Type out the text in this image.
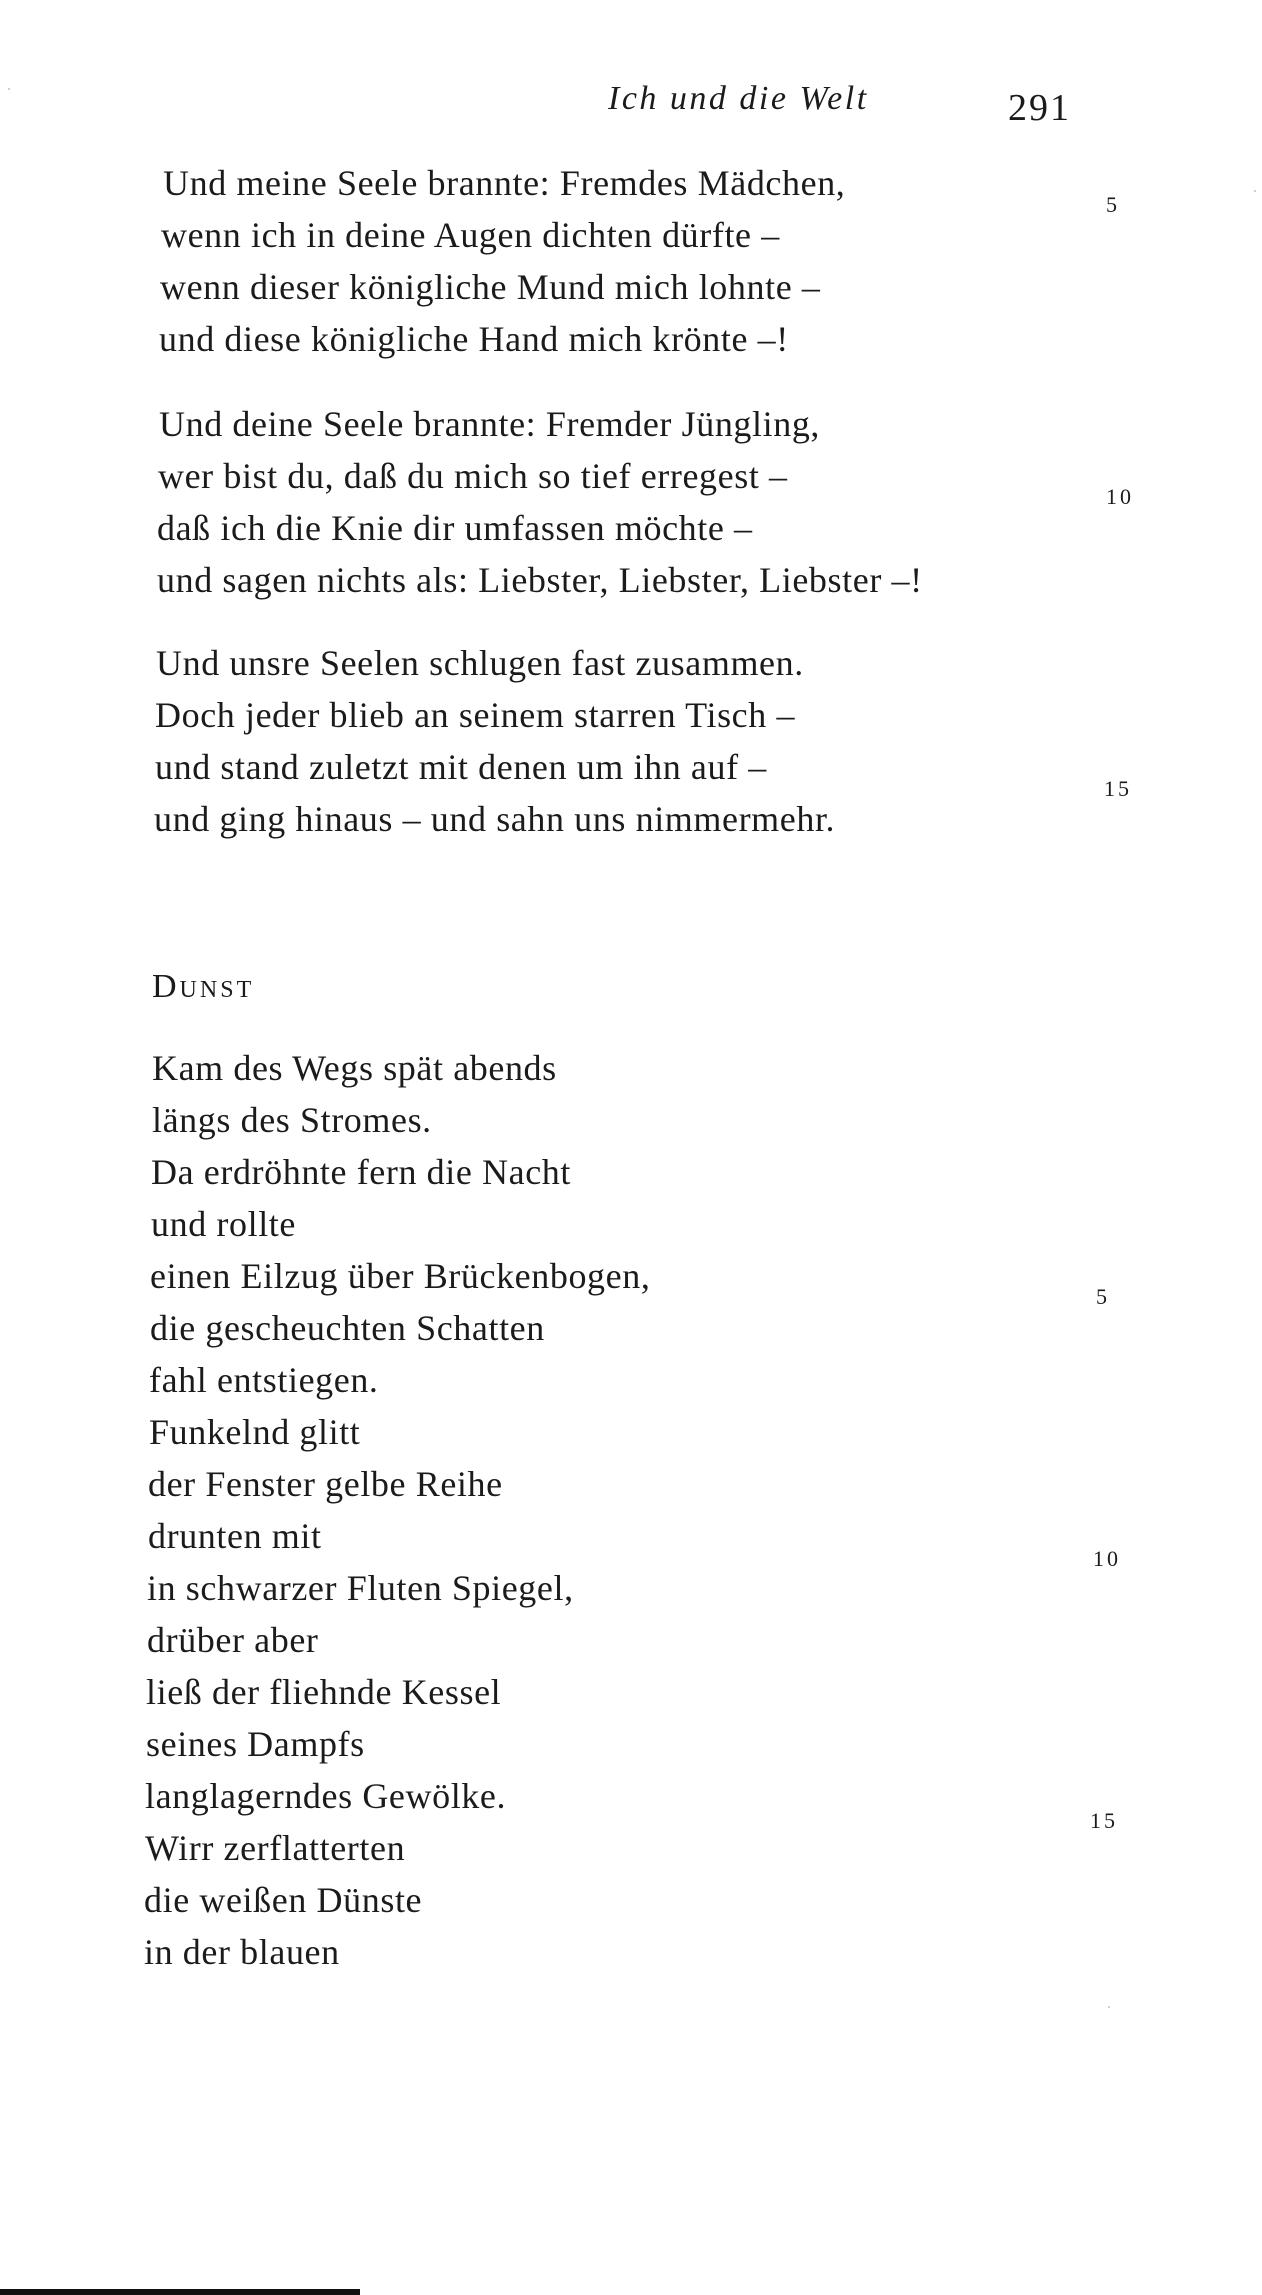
Ich und die Welt	291
Und meine Seele brannte: Fremdes Mädchen,
wenn ich in deine Augen dichten dürfte –
wenn dieser königliche Mund mich lohnte –
und diese königliche Hand mich krönte –!
Und deine Seele brannte: Fremder Jüngling,
wer bist du, daß du mich so tief erregest –
daß ich die Knie dir umfassen möchte –
und sagen nichts als: Liebster, Liebster, Liebster –!
Und unsre Seelen schlugen fast zusammen.
Doch jeder blieb an seinem starren Tisch –
und stand zuletzt mit denen um ihn auf –
und ging hinaus – und sahn uns nimmermehr.
5
10
15
Dunst
Kam des Wegs spät abends
längs des Stromes.
Da erdröhnte fern die Nacht
und rollte
einen Eilzug über Brückenbogen,
die gescheuchten Schatten
fahl entstiegen.
Funkelnd glitt
der Fenster gelbe Reihe
drunten mit
in schwarzer Fluten Spiegel,
drüber aber
ließ der fliehnde Kessel
seines Dampfs
langlagerndes Gewölke.
Wirr zerflatterten
die weißen Dünste
in der blauen
5
10
15
